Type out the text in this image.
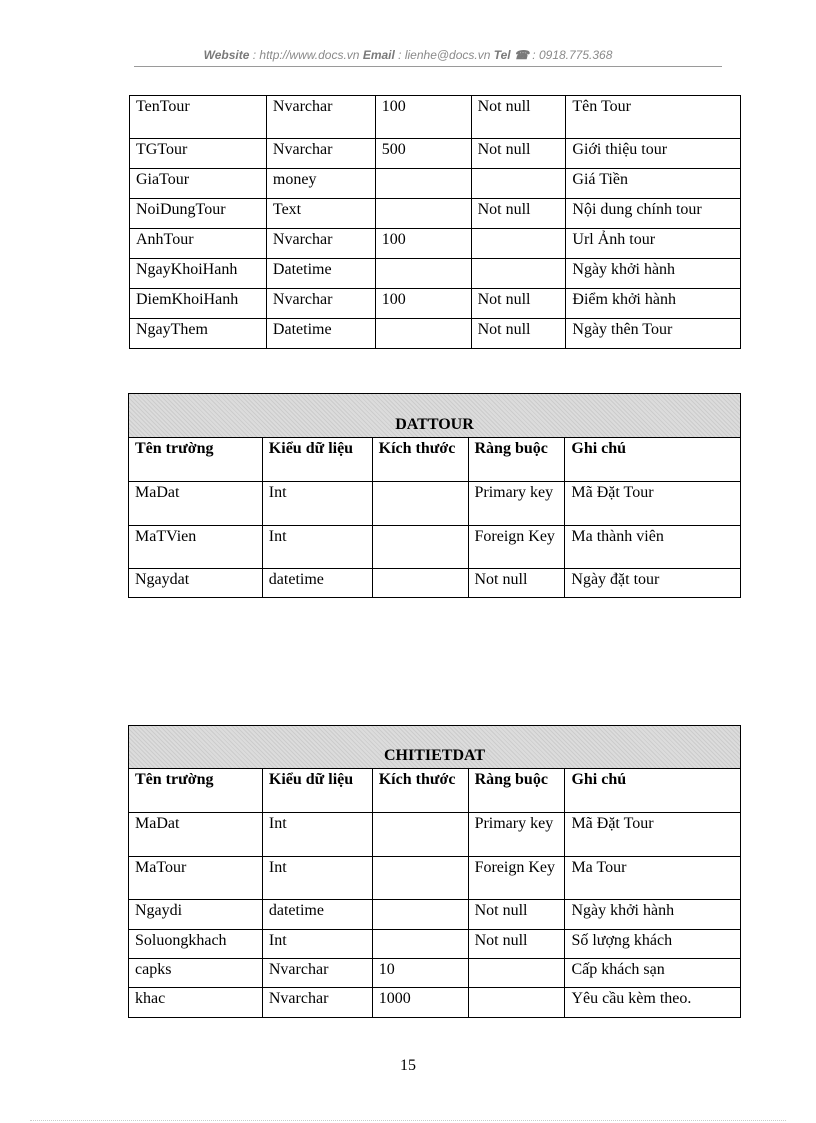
Website : http://www.docs.vn Email : lienhe@docs.vn Tel ☎ : 0918.775.368
TenTour	Nvarchar	100	Not null	Tên Tour
TGTour	Nvarchar	500	Not null	Giới thiệu tour
GiaTour	money			Giá Tiền
NoiDungTour	Text		Not null	Nội dung chính tour
AnhTour	Nvarchar	100		Url Ảnh tour
NgayKhoiHanh	Datetime			Ngày khởi hành
DiemKhoiHanh	Nvarchar	100	Not null	Điểm khởi hành
NgayThem	Datetime		Not null	Ngày thên Tour
DATTOUR				
Tên trường	Kiểu dữ liệu	Kích thước	Ràng buộc	Ghi chú
MaDat	Int		Primary key	Mã Đặt Tour
MaTVien	Int		Foreign Key	Ma thành viên
Ngaydat	datetime		Not null	Ngày đặt tour
CHITIETDAT				
Tên trường	Kiểu dữ liệu	Kích thước	Ràng buộc	Ghi chú
MaDat	Int		Primary key	Mã Đặt Tour
MaTour	Int		Foreign Key	Ma Tour
Ngaydi	datetime		Not null	Ngày khởi hành
Soluongkhach	Int		Not null	Số lượng khách
capks	Nvarchar	10		Cấp khách sạn
khac	Nvarchar	1000		Yêu cầu kèm theo.
15
